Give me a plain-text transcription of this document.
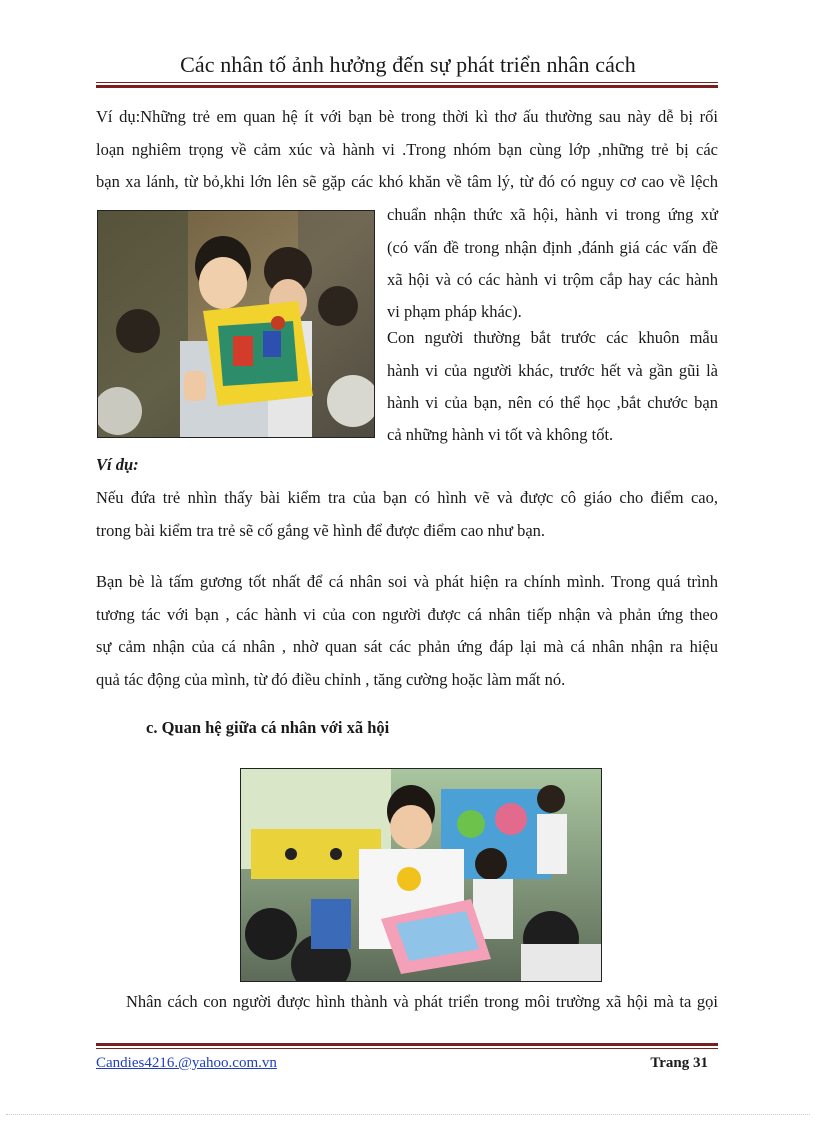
Các nhân tố ảnh hưởng đến sự phát triển nhân cách
Ví dụ:Những trẻ em quan hệ ít với bạn bè trong thời kì thơ ấu thường sau này dễ bị rối
loạn nghiêm trọng về cảm xúc và hành vi .Trong nhóm bạn cùng lớp ,những trẻ bị các
bạn xa lánh, từ bỏ,khi lớn lên sẽ gặp các khó khăn về tâm lý, từ đó có nguy cơ cao về lệch
chuẩn nhận thức xã hội, hành vi trong ứng xử
(có vấn đề trong nhận định ,đánh giá các vấn đề
xã hội và có các hành vi trộm cắp hay các hành
vi phạm pháp khác).
Con người thường bắt trước các khuôn mẫu
hành vi của người khác, trước hết và gần gũi là
hành vi của bạn, nên có thể học ,bắt chước bạn
cả những hành vi tốt và không tốt.
Ví dụ:
Nếu đứa trẻ nhìn thấy bài kiểm tra của bạn có hình vẽ và được cô giáo cho điểm cao,
trong bài kiểm tra trẻ sẽ cố gắng vẽ hình để được điểm cao như bạn.
Bạn bè là tấm gương tốt nhất để cá nhân soi và phát hiện ra chính mình. Trong quá trình
tương tác với bạn , các hành vi của con người được cá nhân tiếp nhận và phản ứng theo
sự cảm nhận của cá nhân , nhờ quan sát các phản ứng đáp lại mà cá nhân nhận ra hiệu
quả tác động của mình, từ đó điều chỉnh , tăng cường hoặc làm mất nó.
c. Quan hệ giữa cá nhân với xã hội
Nhân cách con người được hình thành và phát triển trong môi trường xã hội mà ta gọi
Candies4216.@yahoo.com.vn	Trang 31
